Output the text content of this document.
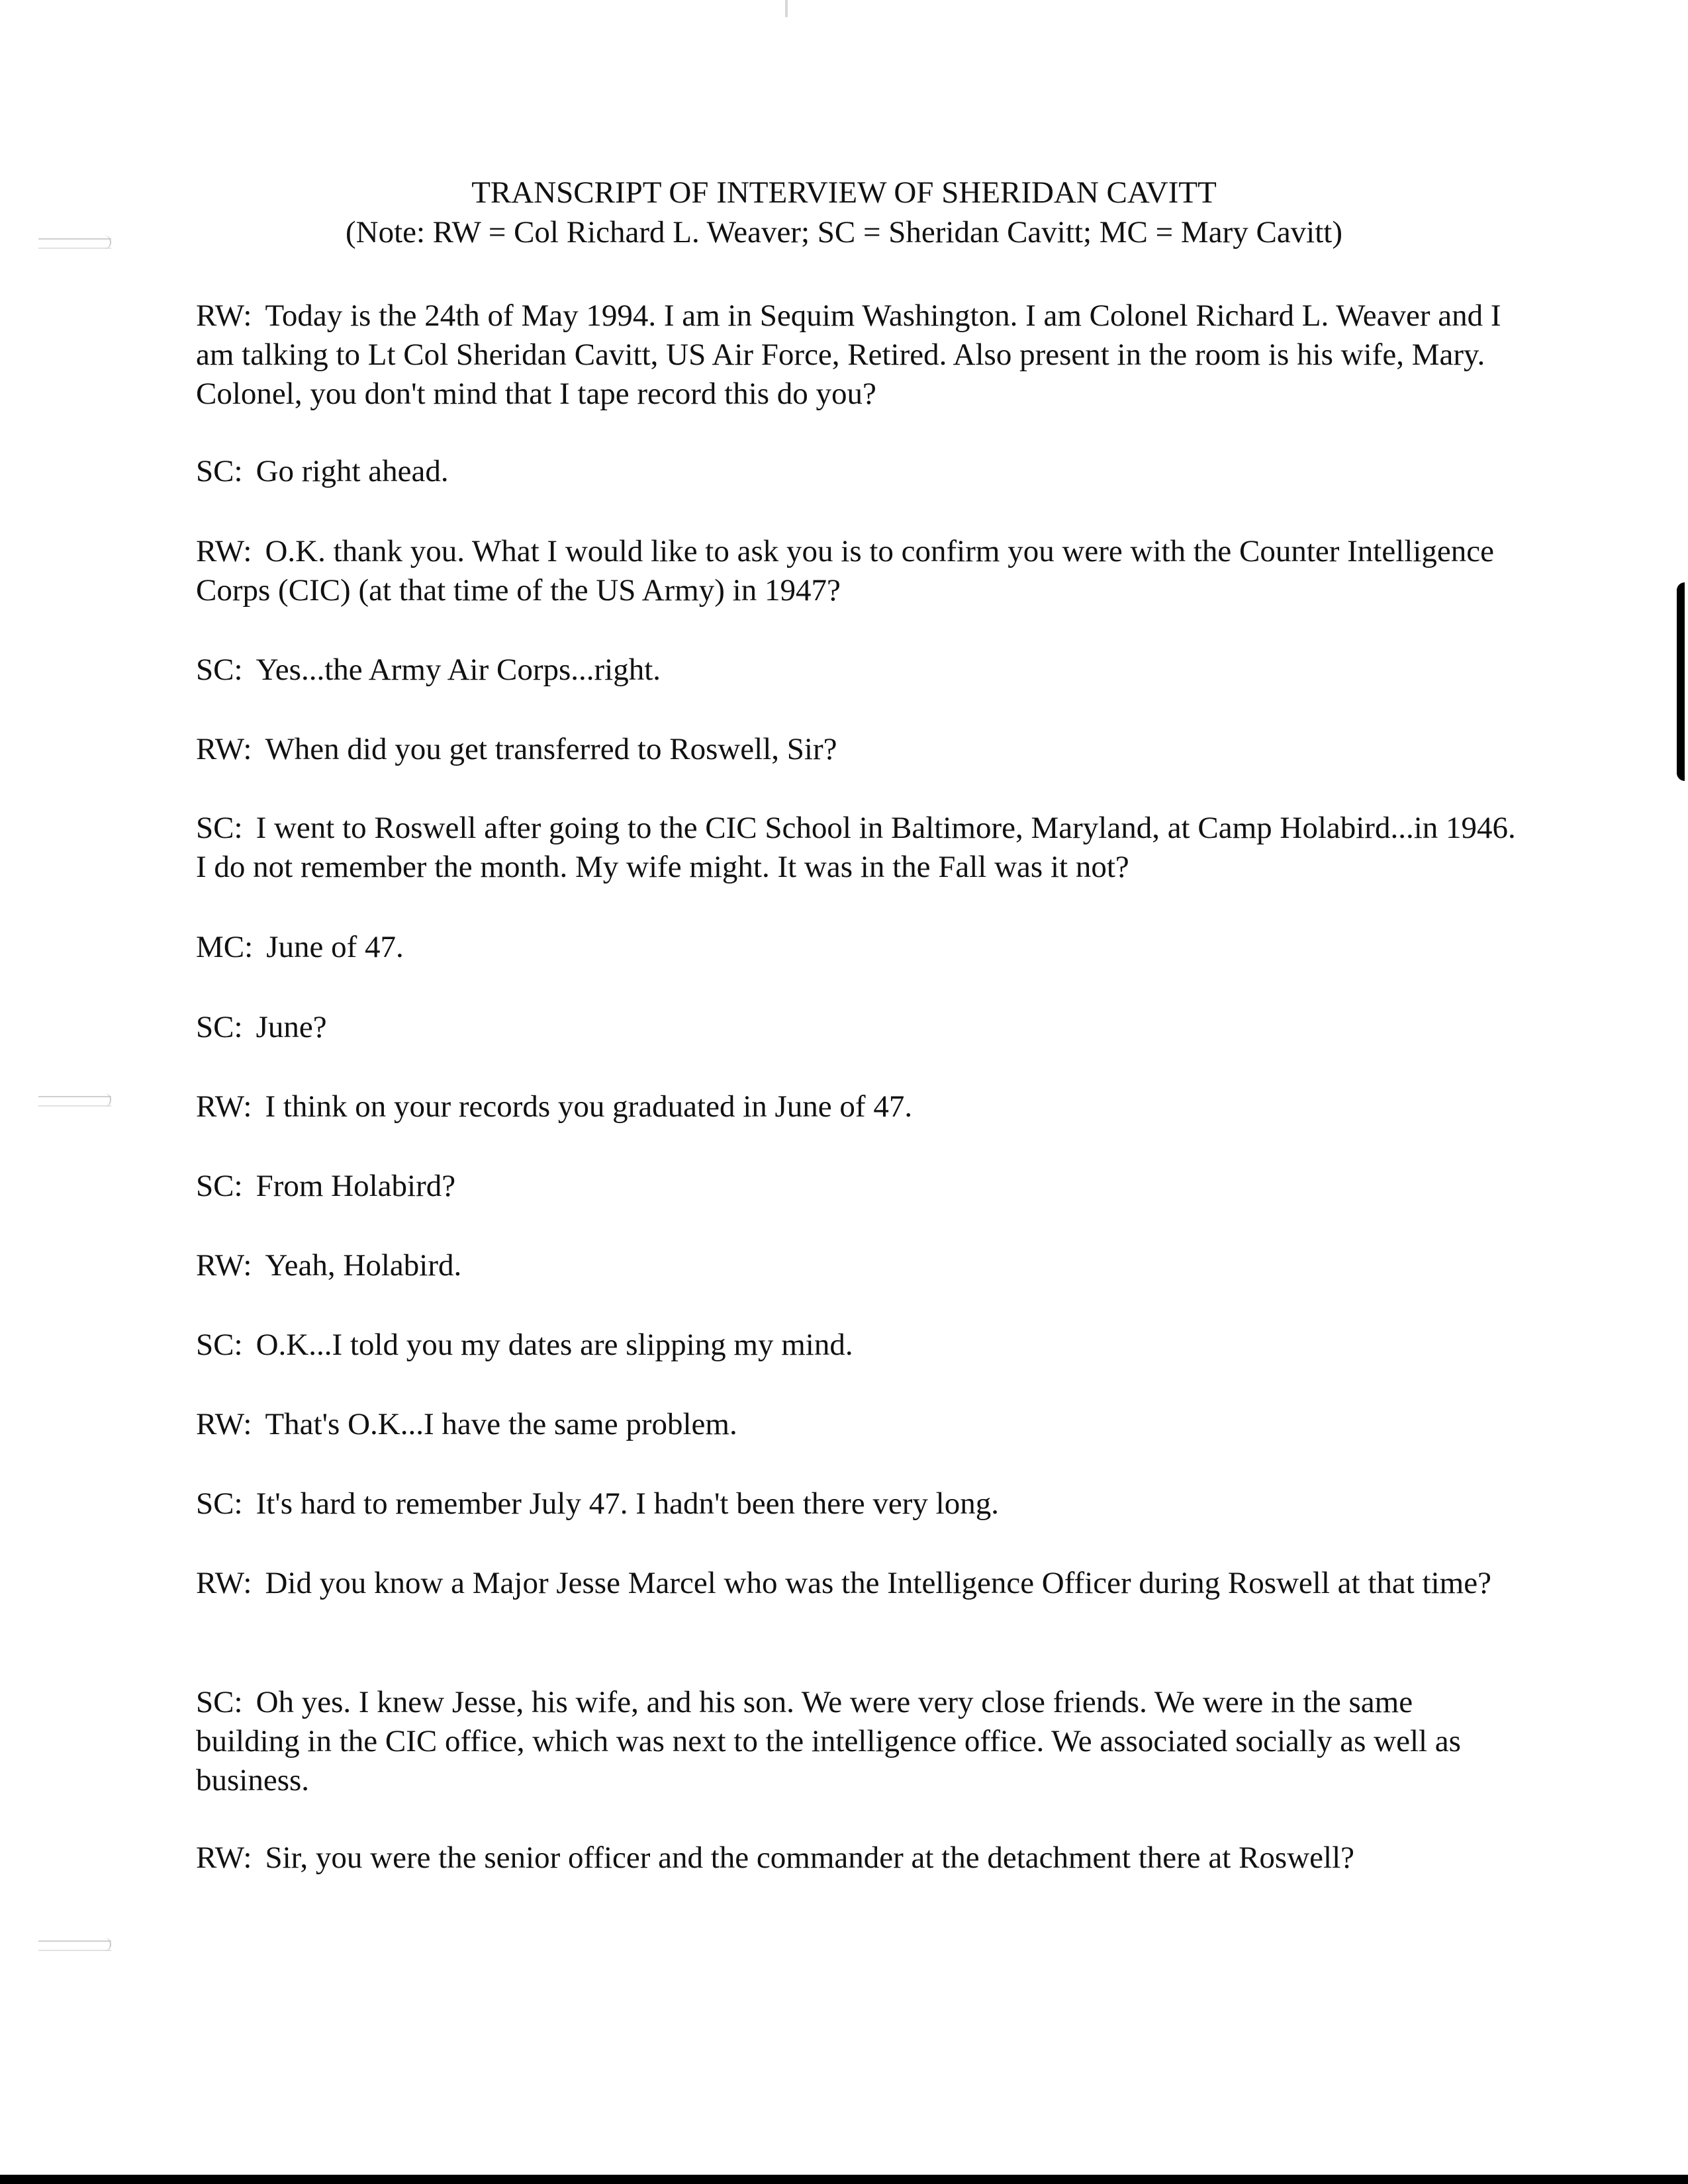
TRANSCRIPT OF INTERVIEW OF SHERIDAN CAVITT
(Note: RW = Col Richard L. Weaver; SC = Sheridan Cavitt; MC = Mary Cavitt)

RW : Today is the 24th of May 1994. I am in Sequim Washington. I am Colonel Richard L. Weaver and I am talking to Lt Col Sheridan Cavitt, US Air Force, Retired. Also present in the room is his wife, Mary. Colonel, you don't mind that I tape record this do you?

SC : Go right ahead.

RW : O.K. thank you. What I would like to ask you is to confirm you were with the Counter Intelligence Corps (CIC) (at that time of the US Army) in 1947?

SC : Yes...the Army Air Corps...right.

RW : When did you get transferred to Roswell, Sir?

SC : I went to Roswell after going to the CIC School in Baltimore, Maryland, at Camp Holabird...in 1946. I do not remember the month. My wife might. It was in the Fall was it not?

MC : June of 47.

SC : June?

RW : I think on your records you graduated in June of 47.

SC : From Holabird?

RW : Yeah, Holabird.

SC : O.K...I told you my dates are slipping my mind.

RW : That's O.K...I have the same problem.

SC : It's hard to remember July 47. I hadn't been there very long.

RW : Did you know a Major Jesse Marcel who was the Intelligence Officer during Roswell at that time?

SC : Oh yes. I knew Jesse, his wife, and his son. We were very close friends. We were in the same building in the CIC office, which was next to the intelligence office. We associated socially as well as business.

RW : Sir, you were the senior officer and the commander at the detachment there at Roswell?
